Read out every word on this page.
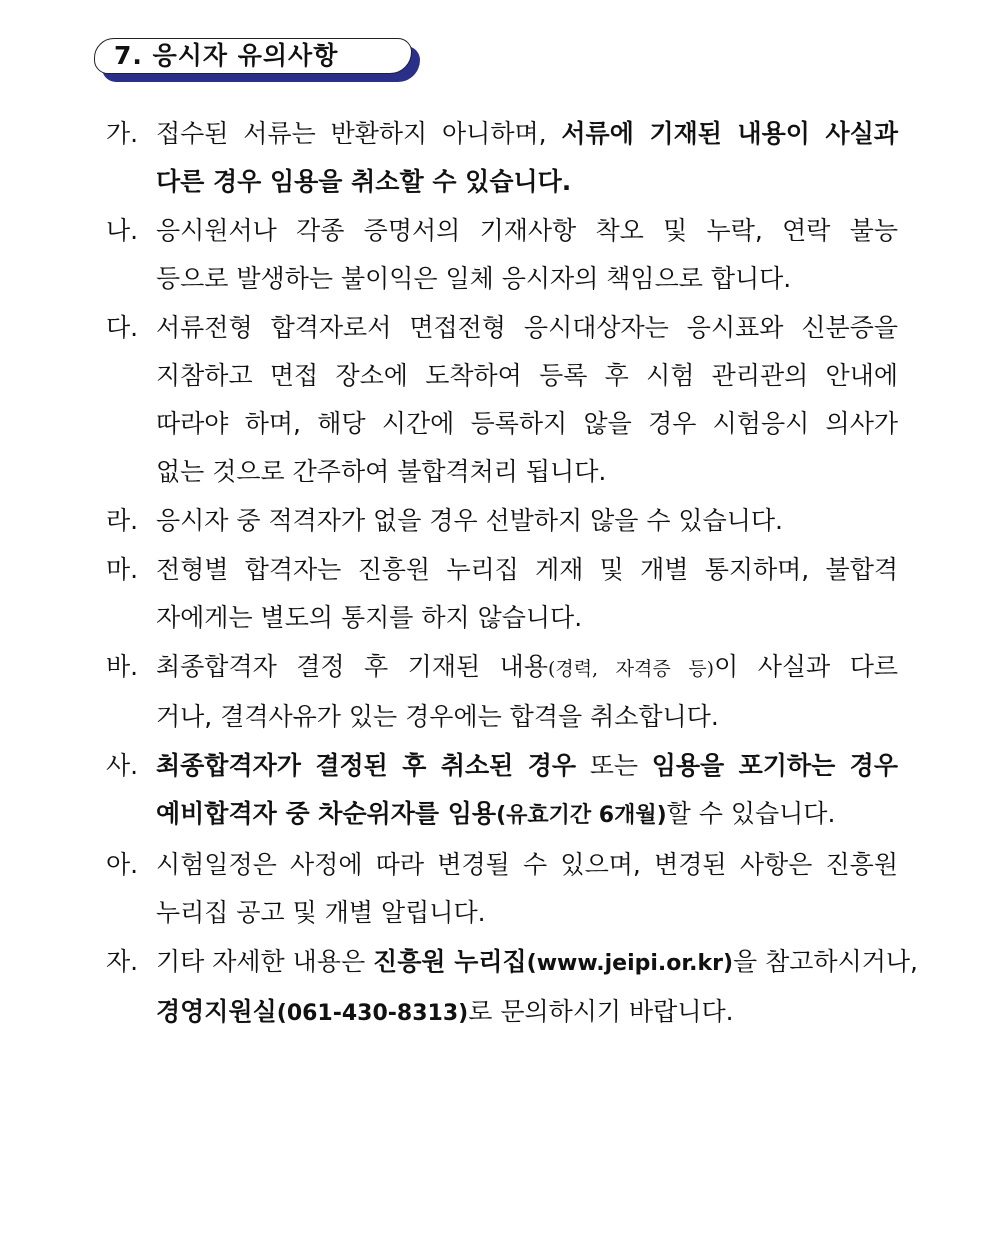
7. 응시자 유의사항
가. 접수된 서류는 반환하지 아니하며, 서류에 기재된 내용이 사실과
다른 경우 임용을 취소할 수 있습니다.
나. 응시원서나 각종 증명서의 기재사항 착오 및 누락, 연락 불능
등으로 발생하는 불이익은 일체 응시자의 책임으로 합니다.
다. 서류전형 합격자로서 면접전형 응시대상자는 응시표와 신분증을
지참하고 면접 장소에 도착하여 등록 후 시험 관리관의 안내에
따라야 하며, 해당 시간에 등록하지 않을 경우 시험응시 의사가
없는 것으로 간주하여 불합격처리 됩니다.
라. 응시자 중 적격자가 없을 경우 선발하지 않을 수 있습니다.
마. 전형별 합격자는 진흥원 누리집 게재 및 개별 통지하며, 불합격
자에게는 별도의 통지를 하지 않습니다.
바. 최종합격자 결정 후 기재된 내용(경력, 자격증 등)이 사실과 다르
거나, 결격사유가 있는 경우에는 합격을 취소합니다.
사. 최종합격자가 결정된 후 취소된 경우 또는 임용을 포기하는 경우
예비합격자 중 차순위자를 임용(유효기간 6개월)할 수 있습니다.
아. 시험일정은 사정에 따라 변경될 수 있으며, 변경된 사항은 진흥원
누리집 공고 및 개별 알립니다.
자. 기타 자세한 내용은 진흥원 누리집(www.jeipi.or.kr)을 참고하시거나,
경영지원실(061-430-8313)로 문의하시기 바랍니다.
